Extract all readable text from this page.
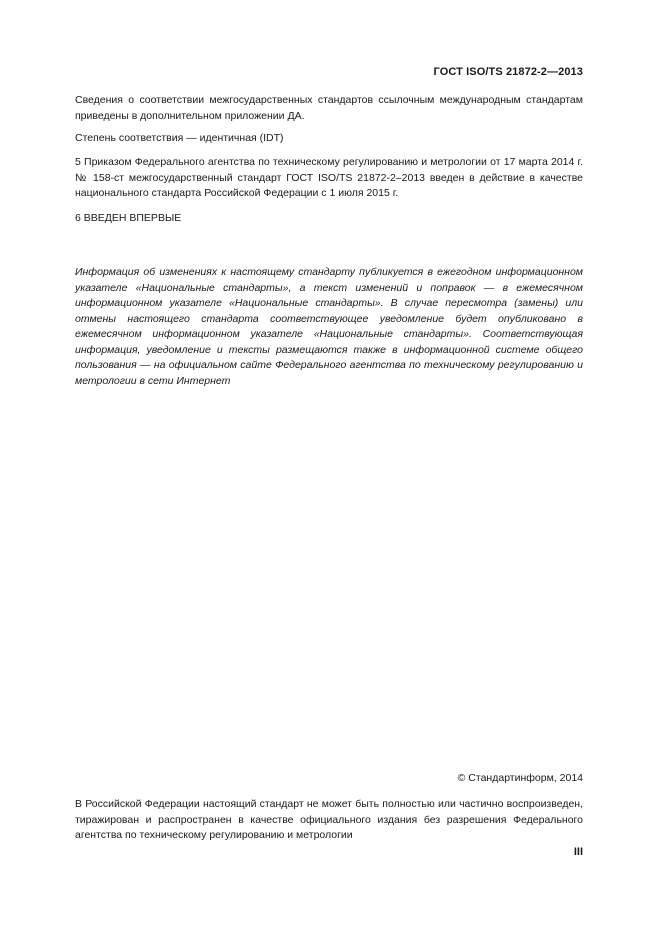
ГОСТ ISO/TS 21872-2—2013

Сведения о соответствии межгосударственных стандартов ссылочным международным стандартам приведены в дополнительном приложении ДА.

Степень соответствия — идентичная (IDT)

5 Приказом Федерального агентства по техническому регулированию и метрологии от 17 марта 2014 г. № 158-ст межгосударственный стандарт ГОСТ ISO/TS 21872-2–2013 введен в действие в качестве национального стандарта Российской Федерации с 1 июля 2015 г.

6 ВВЕДЕН ВПЕРВЫЕ

Информация об изменениях к настоящему стандарту публикуется в ежегодном информационном указателе «Национальные стандарты», а текст изменений и поправок — в ежемесячном информационном указателе «Национальные стандарты». В случае пересмотра (замены) или отмены настоящего стандарта соответствующее уведомление будет опубликовано в ежемесячном информационном указателе «Национальные стандарты». Соответствующая информация, уведомление и тексты размещаются также в информационной системе общего пользования — на официальном сайте Федерального агентства по техническому регулированию и метрологии в сети Интернет

© Стандартинформ, 2014

В Российской Федерации настоящий стандарт не может быть полностью или частично воспроизведен, тиражирован и распространен в качестве официального издания без разрешения Федерального агентства по техническому регулированию и метрологии

III
